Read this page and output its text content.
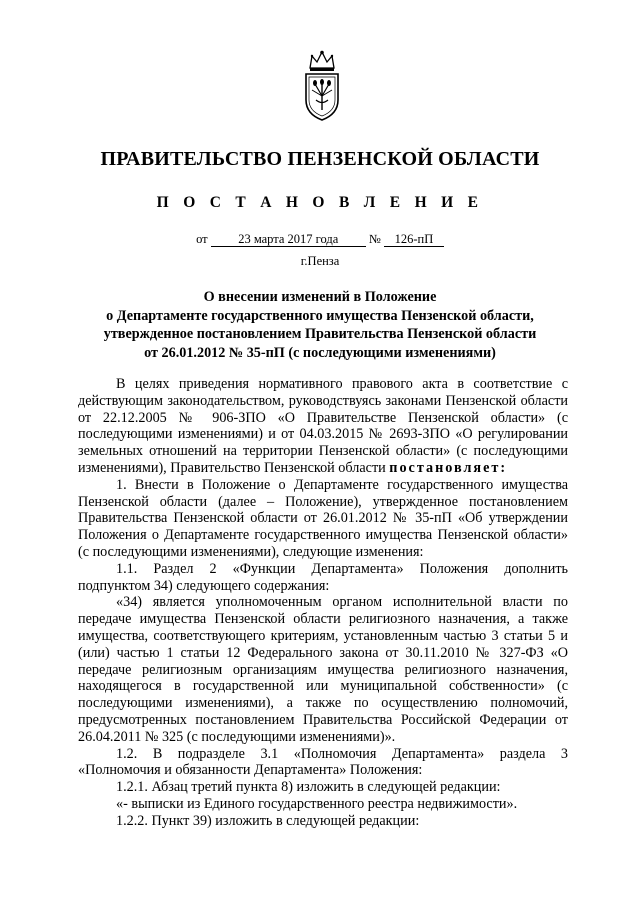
ПРАВИТЕЛЬСТВО ПЕНЗЕНСКОЙ ОБЛАСТИ
П О С Т А Н О В Л Е Н И Е
от 23 марта 2017 года № 126-пП
г.Пенза
О внесении изменений в Положение
о Департаменте государственного имущества Пензенской области,
утвержденное постановлением Правительства Пензенской области
от 26.01.2012 № 35-пП (с последующими изменениями)

В целях приведения нормативного правового акта в соответствие с действующим законодательством, руководствуясь законами Пензенской области от 22.12.2005 № 906-ЗПО «О Правительстве Пензенской области» (с последующими изменениями) и от 04.03.2015 № 2693-ЗПО «О регулировании земельных отношений на территории Пензенской области» (с последующими изменениями), Правительство Пензенской области постановляет:

1. Внести в Положение о Департаменте государственного имущества Пензенской области (далее – Положение), утвержденное постановлением Правительства Пензенской области от 26.01.2012 № 35-пП «Об утверждении Положения о Департаменте государственного имущества Пензенской области» (с последующими изменениями), следующие изменения:

1.1. Раздел 2 «Функции Департамента» Положения дополнить подпунктом 34) следующего содержания:

«34) является уполномоченным органом исполнительной власти по передаче имущества Пензенской области религиозного назначения, а также имущества, соответствующего критериям, установленным частью 3 статьи 5 и (или) частью 1 статьи 12 Федерального закона от 30.11.2010 № 327-ФЗ «О передаче религиозным организациям имущества религиозного назначения, находящегося в государственной или муниципальной собственности» (с последующими изменениями), а также по осуществлению полномочий, предусмотренных постановлением Правительства Российской Федерации от 26.04.2011 № 325 (с последующими изменениями)».

1.2. В подразделе 3.1 «Полномочия Департамента» раздела 3 «Полномочия и обязанности Департамента» Положения:

1.2.1. Абзац третий пункта 8) изложить в следующей редакции:

«- выписки из Единого государственного реестра недвижимости».

1.2.2. Пункт 39) изложить в следующей редакции:
